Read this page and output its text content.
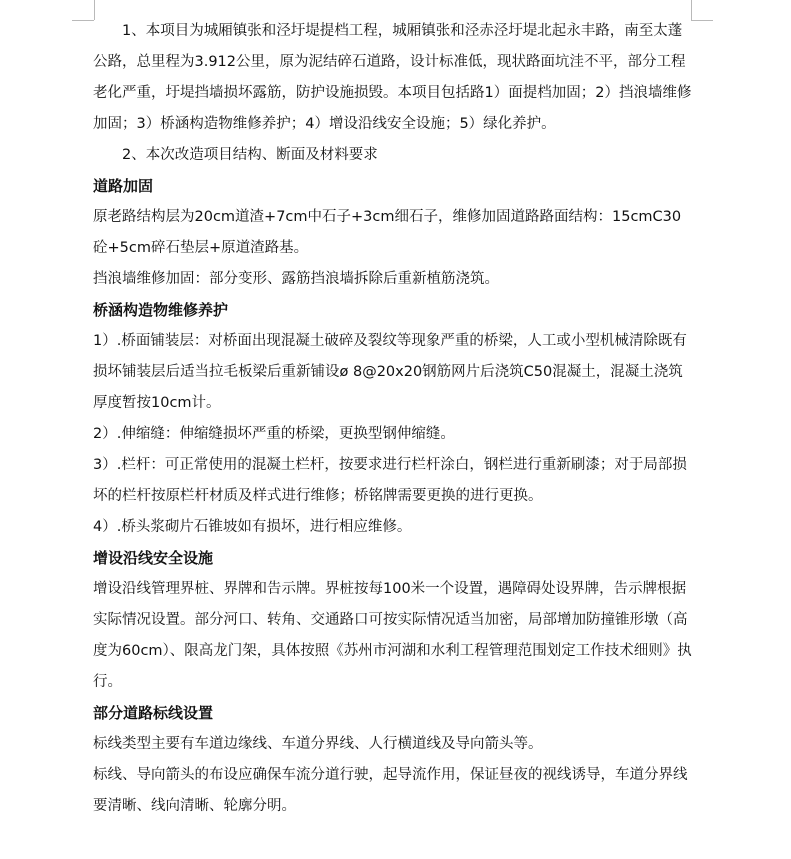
1、本项目为城厢镇张和泾圩堤提档工程，城厢镇张和泾赤泾圩堤北起永丰路，南至太蓬公路，总里程为3.912公里，原为泥结碎石道路，设计标准低，现状路面坑洼不平，部分工程老化严重，圩堤挡墙损坏露筋，防护设施损毁。本项目包括路1）面提档加固；2）挡浪墙维修加固；3）桥涵构造物维修养护；4）增设沿线安全设施；5）绿化养护。

2、本次改造项目结构、断面及材料要求

道路加固

原老路结构层为20cm道渣+7cm中石子+3cm细石子，维修加固道路路面结构：15cmC30砼+5cm碎石垫层+原道渣路基。

挡浪墙维修加固：部分变形、露筋挡浪墙拆除后重新植筋浇筑。

桥涵构造物维修养护

1）.桥面铺装层：对桥面出现混凝土破碎及裂纹等现象严重的桥梁，人工或小型机械清除既有损坏铺装层后适当拉毛板梁后重新铺设ø 8@20x20钢筋网片后浇筑C50混凝土，混凝土浇筑厚度暂按10cm计。

2）.伸缩缝：伸缩缝损坏严重的桥梁，更换型钢伸缩缝。

3）.栏杆：可正常使用的混凝土栏杆，按要求进行栏杆涂白，钢栏进行重新刷漆；对于局部损坏的栏杆按原栏杆材质及样式进行维修；桥铭牌需要更换的进行更换。

4）.桥头浆砌片石锥坡如有损坏，进行相应维修。

增设沿线安全设施

增设沿线管理界桩、界牌和告示牌。界桩按每100米一个设置，遇障碍处设界牌，告示牌根据实际情况设置。部分河口、转角、交通路口可按实际情况适当加密，局部增加防撞锥形墩（高度为60cm）、限高龙门架，具体按照《苏州市河湖和水利工程管理范围划定工作技术细则》执行。

部分道路标线设置

标线类型主要有车道边缘线、车道分界线、人行横道线及导向箭头等。

标线、导向箭头的布设应确保车流分道行驶，起导流作用，保证昼夜的视线诱导，车道分界线要清晰、线向清晰、轮廓分明。
